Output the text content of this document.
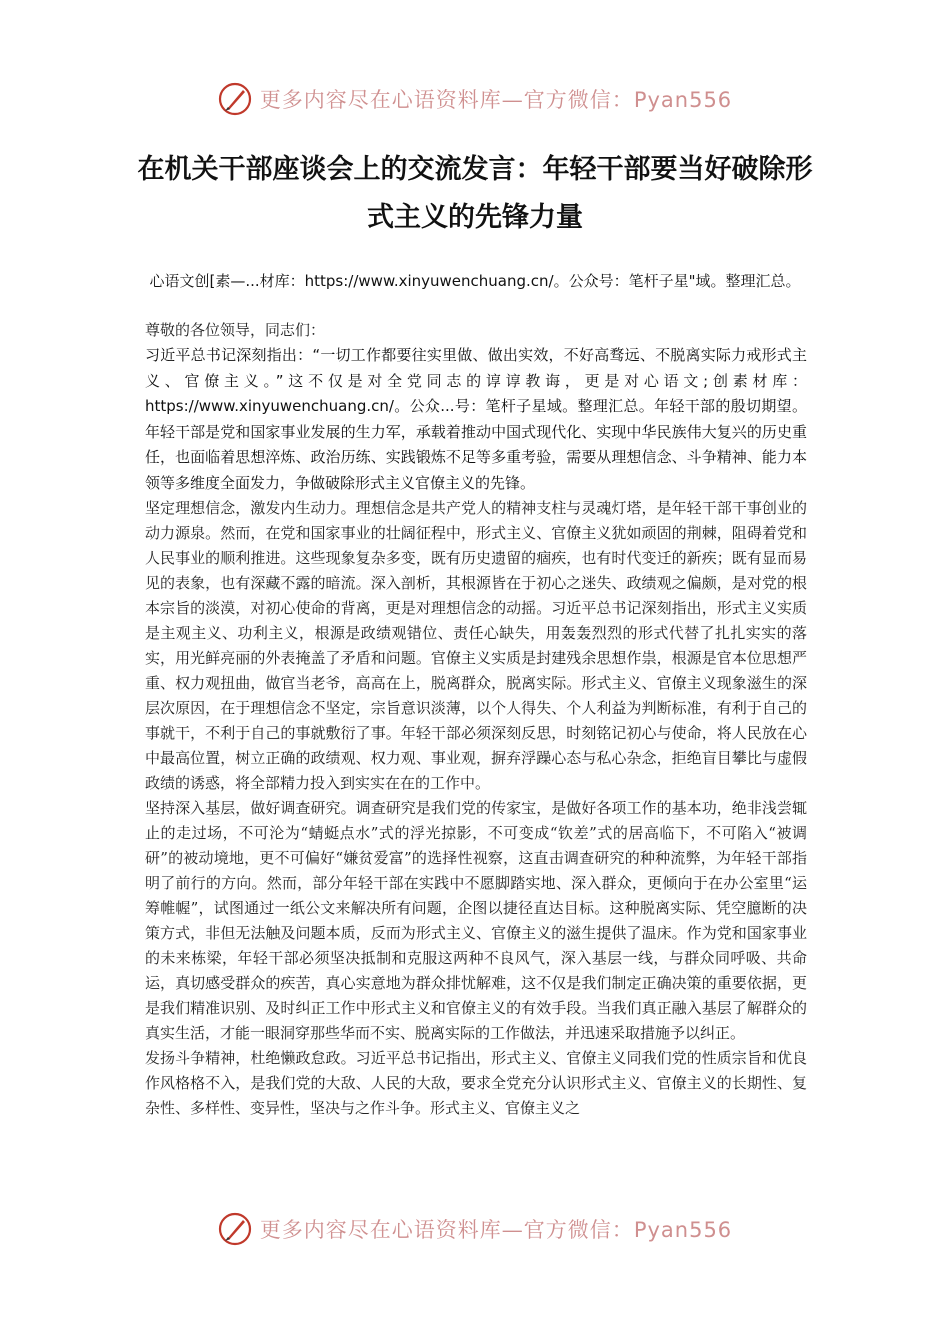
更多内容尽在心语资料库—官方微信：Pyan556
在机关干部座谈会上的交流发言：年轻干部要当好破除形式主义的先锋力量
心语文创[素—...材库：https://www.xinyuwenchuang.cn/。公众号：笔杆子星"域。整理汇总。

尊敬的各位领导，同志们：

习近平总书记深刻指出：“一切工作都要往实里做、做出实效，不好高骛远、不脱离实际力戒形式主义、官僚主义。”这不仅是对全党同志的谆谆教诲，更是对心语文;创素材库：https://www.xinyuwenchuang.cn/。公众...号：笔杆子星域。整理汇总。年轻干部的殷切期望。年轻干部是党和国家事业发展的生力军，承载着推动中国式现代化、实现中华民族伟大复兴的历史重任，也面临着思想淬炼、政治历练、实践锻炼不足等多重考验，需要从理想信念、斗争精神、能力本领等多维度全面发力，争做破除形式主义官僚主义的先锋。

坚定理想信念，激发内生动力。理想信念是共产党人的精神支柱与灵魂灯塔，是年轻干部干事创业的动力源泉。然而，在党和国家事业的壮阔征程中，形式主义、官僚主义犹如顽固的荆棘，阻碍着党和人民事业的顺利推进。这些现象复杂多变，既有历史遗留的痼疾，也有时代变迁的新疾；既有显而易见的表象，也有深藏不露的暗流。深入剖析，其根源皆在于初心之迷失、政绩观之偏颇，是对党的根本宗旨的淡漠，对初心使命的背离，更是对理想信念的动摇。习近平总书记深刻指出，形式主义实质是主观主义、功利主义，根源是政绩观错位、责任心缺失，用轰轰烈烈的形式代替了扎扎实实的落实，用光鲜亮丽的外表掩盖了矛盾和问题。官僚主义实质是封建残余思想作祟，根源是官本位思想严重、权力观扭曲，做官当老爷，高高在上，脱离群众，脱离实际。形式主义、官僚主义现象滋生的深层次原因，在于理想信念不坚定，宗旨意识淡薄，以个人得失、个人利益为判断标准，有利于自己的事就干，不利于自己的事就敷衍了事。年轻干部必须深刻反思，时刻铭记初心与使命，将人民放在心中最高位置，树立正确的政绩观、权力观、事业观，摒弃浮躁心态与私心杂念，拒绝盲目攀比与虚假政绩的诱惑，将全部精力投入到实实在在的工作中。

坚持深入基层，做好调查研究。调查研究是我们党的传家宝，是做好各项工作的基本功，绝非浅尝辄止的走过场，不可沦为“蜻蜓点水”式的浮光掠影，不可变成“钦差”式的居高临下，不可陷入“被调研”的被动境地，更不可偏好“嫌贫爱富”的选择性视察，这直击调查研究的种种流弊，为年轻干部指明了前行的方向。然而，部分年轻干部在实践中不愿脚踏实地、深入群众，更倾向于在办公室里“运筹帷幄”，试图通过一纸公文来解决所有问题，企图以捷径直达目标。这种脱离实际、凭空臆断的决策方式，非但无法触及问题本质，反而为形式主义、官僚主义的滋生提供了温床。作为党和国家事业的未来栋梁，年轻干部必须坚决抵制和克服这两种不良风气，深入基层一线，与群众同呼吸、共命运，真切感受群众的疾苦，真心实意地为群众排忧解难，这不仅是我们制定正确决策的重要依据，更是我们精准识别、及时纠正工作中形式主义和官僚主义的有效手段。当我们真正融入基层了解群众的真实生活，才能一眼洞穿那些华而不实、脱离实际的工作做法，并迅速采取措施予以纠正。

发扬斗争精神，杜绝懒政怠政。习近平总书记指出，形式主义、官僚主义同我们党的性质宗旨和优良作风格格不入，是我们党的大敌、人民的大敌，要求全党充分认识形式主义、官僚主义的长期性、复杂性、多样性、变异性，坚决与之作斗争。形式主义、官僚主义之

更多内容尽在心语资料库—官方微信：Pyan556
